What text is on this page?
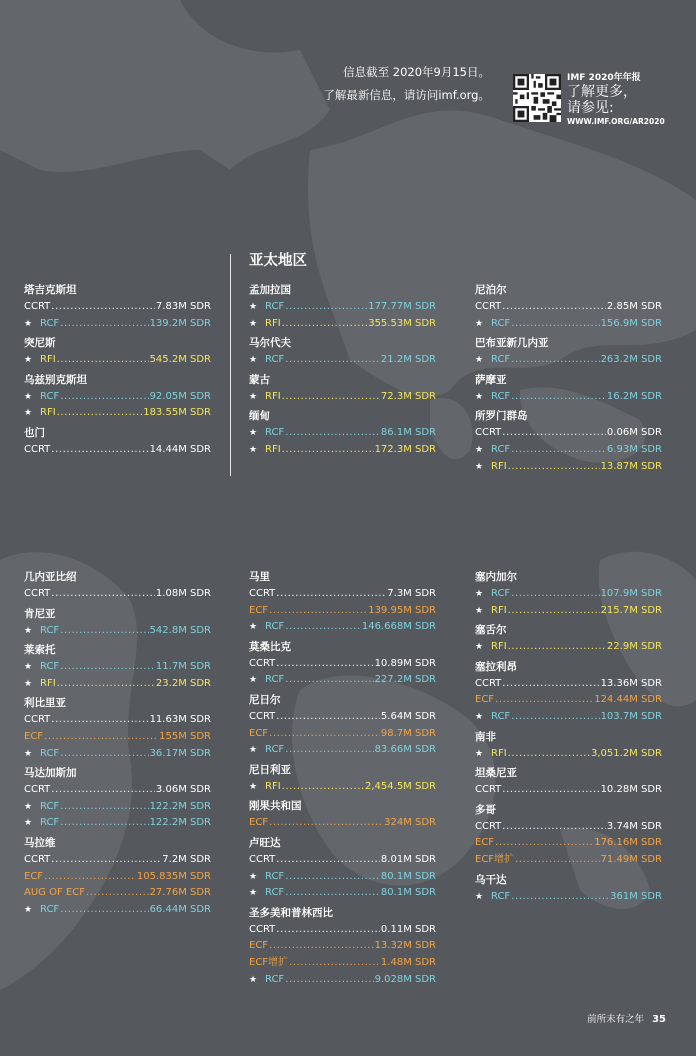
信息截至 2020年9月15日。
了解最新信息，请访问imf.org。
IMF 2020年年报
了解更多，
请参见:
WWW.IMF.ORG/AR2020
亚太地区
塔吉克斯坦
CCRT .....	7.83M SDR
★ RCF .....	139.2M SDR
突尼斯
★ RFI .....	545.2M SDR
乌兹别克斯坦
★ RCF .....	92.05M SDR
★ RFI .....	183.55M SDR
也门
CCRT .....	14.44M SDR
孟加拉国
★ RCF .....	177.77M SDR
★ RFI .....	355.53M SDR
马尔代夫
★ RCF .....	21.2M SDR
蒙古
★ RFI .....	72.3M SDR
缅甸
★ RCF .....	86.1M SDR
★ RFI .....	172.3M SDR
尼泊尔
CCRT .....	2.85M SDR
★ RCF .....	156.9M SDR
巴布亚新几内亚
★ RCF .....	263.2M SDR
萨摩亚
★ RCF .....	16.2M SDR
所罗门群岛
CCRT .....	0.06M SDR
★ RCF .....	6.93M SDR
★ RFI .....	13.87M SDR
几内亚比绍
CCRT .....	1.08M SDR
肯尼亚
★ RCF .....	542.8M SDR
莱索托
★ RCF .....	11.7M SDR
★ RFI .....	23.2M SDR
利比里亚
CCRT .....	11.63M SDR
ECF .....	155M SDR
★ RCF .....	36.17M SDR
马达加斯加
CCRT .....	3.06M SDR
★ RCF .....	122.2M SDR
★ RCF .....	122.2M SDR
马拉维
CCRT .....	7.2M SDR
ECF .....	105.835M SDR
AUG OF ECF .....	27.76M SDR
★ RCF .....	66.44M SDR
马里
CCRT .....	7.3M SDR
ECF .....	139.95M SDR
★ RCF .....	146.668M SDR
莫桑比克
CCRT .....	10.89M SDR
★ RCF .....	227.2M SDR
尼日尔
CCRT .....	5.64M SDR
ECF .....	98.7M SDR
★ RCF .....	83.66M SDR
尼日利亚
★ RFI .....	2,454.5M SDR
刚果共和国
ECF .....	324M SDR
卢旺达
CCRT .....	8.01M SDR
★ RCF .....	80.1M SDR
★ RCF .....	80.1M SDR
圣多美和普林西比
CCRT .....	0.11M SDR
ECF .....	13.32M SDR
ECF增扩 .....	1.48M SDR
★ RCF .....	9.028M SDR
塞内加尔
★ RCF .....	107.9M SDR
★ RFI .....	215.7M SDR
塞舌尔
★ RFI .....	22.9M SDR
塞拉利昂
CCRT .....	13.36M SDR
ECF .....	124.44M SDR
★ RCF .....	103.7M SDR
南非
★ RFI .....	3,051.2M SDR
坦桑尼亚
CCRT .....	10.28M SDR
多哥
CCRT .....	3.74M SDR
ECF .....	176.16M SDR
ECF增扩 .....	71.49M SDR
乌干达
★ RCF .....	361M SDR
前所未有之年 35
